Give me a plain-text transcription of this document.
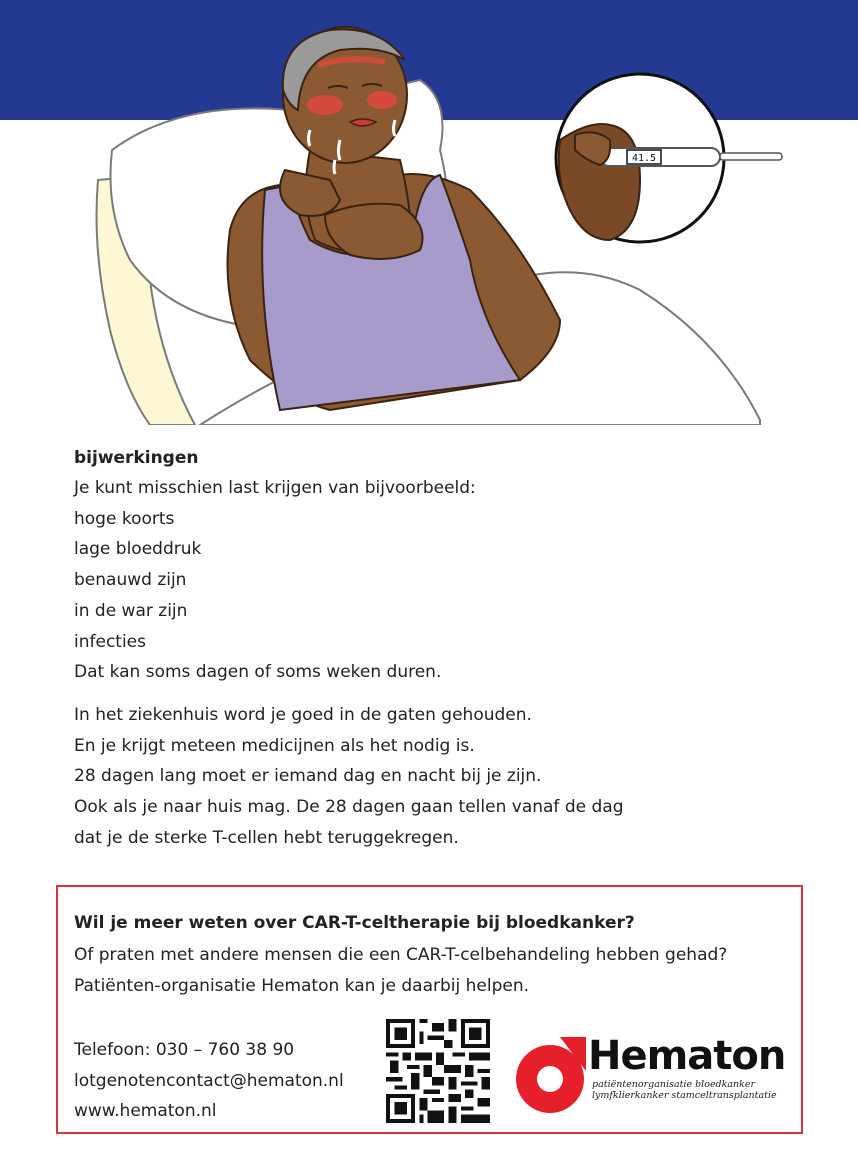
41.5

bijwerkingen

Je kunt misschien last krijgen van bijvoorbeeld:

hoge koorts

lage bloeddruk

benauwd zijn

in de war zijn

infecties

Dat kan soms dagen of soms weken duren.

In het ziekenhuis word je goed in de gaten gehouden.

En je krijgt meteen medicijnen als het nodig is.

28 dagen lang moet er iemand dag en nacht bij je zijn.

Ook als je naar huis mag. De 28 dagen gaan tellen vanaf de dag

dat je de sterke T-cellen hebt teruggekregen.

Wil je meer weten over CAR-T-celtherapie bij bloedkanker?
Of praten met andere mensen die een CAR-T-celbehandeling hebben gehad?
Patiënten-organisatie Hematon kan je daarbij helpen.
Telefoon: 030 – 760 38 90
lotgenotencontact@hematon.nl
www.hematon.nl
Hematon
patiëntenorganisatie bloedkanker
lymfklierkanker stamceltransplantatie
